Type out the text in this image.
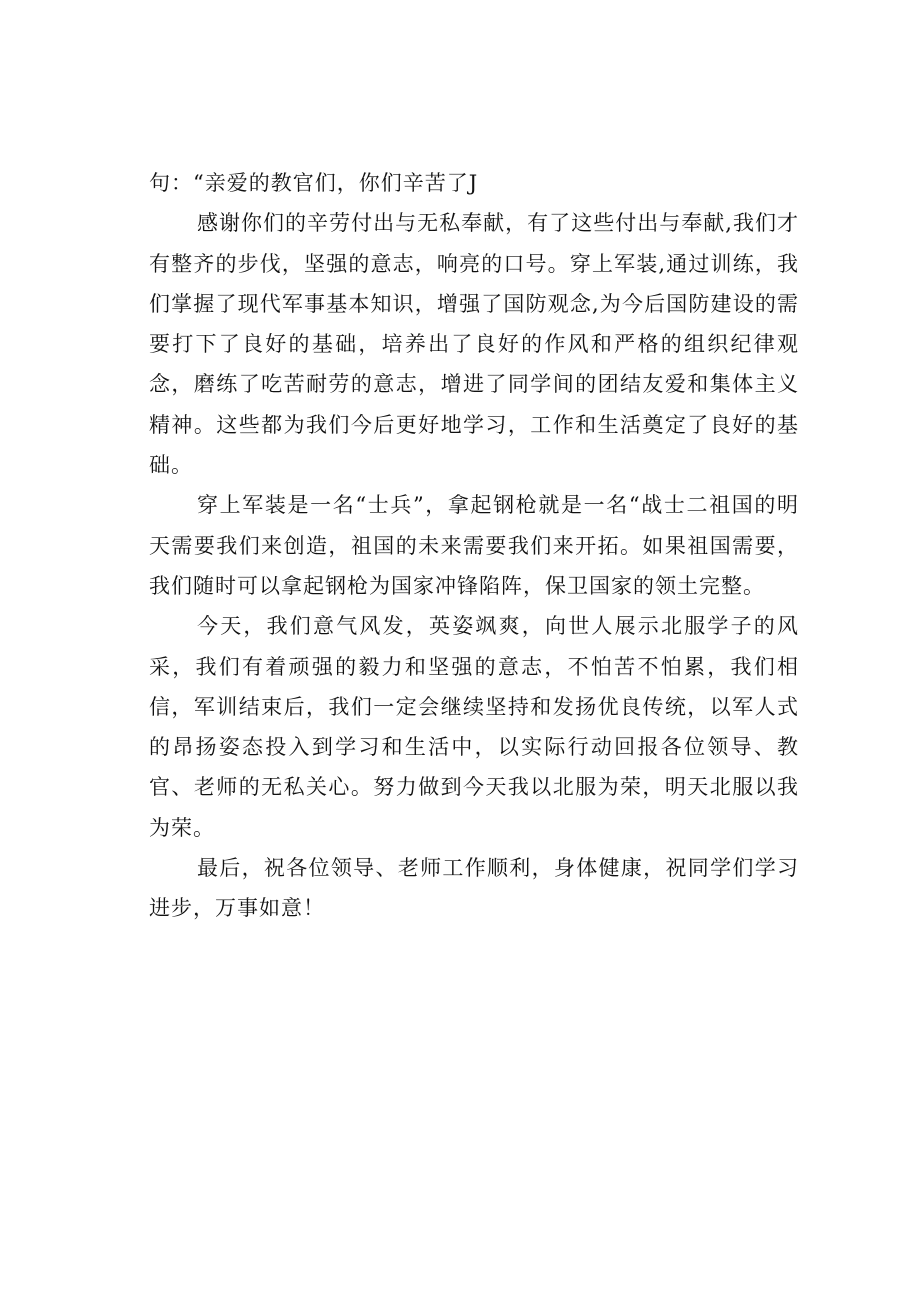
句：“亲爱的教官们，你们辛苦了J

感谢你们的辛劳付出与无私奉献，有了这些付出与奉献,我们才有整齐的步伐，坚强的意志，响亮的口号。穿上军装,通过训练，我们掌握了现代军事基本知识，增强了国防观念,为今后国防建设的需要打下了良好的基础，培养出了良好的作风和严格的组织纪律观念，磨练了吃苦耐劳的意志，增进了同学间的团结友爱和集体主义精神。这些都为我们今后更好地学习，工作和生活奠定了良好的基础。

穿上军装是一名“士兵”，拿起钢枪就是一名“战士二祖国的明天需要我们来创造，祖国的未来需要我们来开拓。如果祖国需要，我们随时可以拿起钢枪为国家冲锋陷阵，保卫国家的领土完整。

今天，我们意气风发，英姿飒爽，向世人展示北服学子的风采，我们有着顽强的毅力和坚强的意志，不怕苦不怕累，我们相信，军训结束后，我们一定会继续坚持和发扬优良传统，以军人式的昂扬姿态投入到学习和生活中，以实际行动回报各位领导、教官、老师的无私关心。努力做到今天我以北服为荣，明天北服以我为荣。

最后，祝各位领导、老师工作顺利，身体健康，祝同学们学习进步，万事如意！
